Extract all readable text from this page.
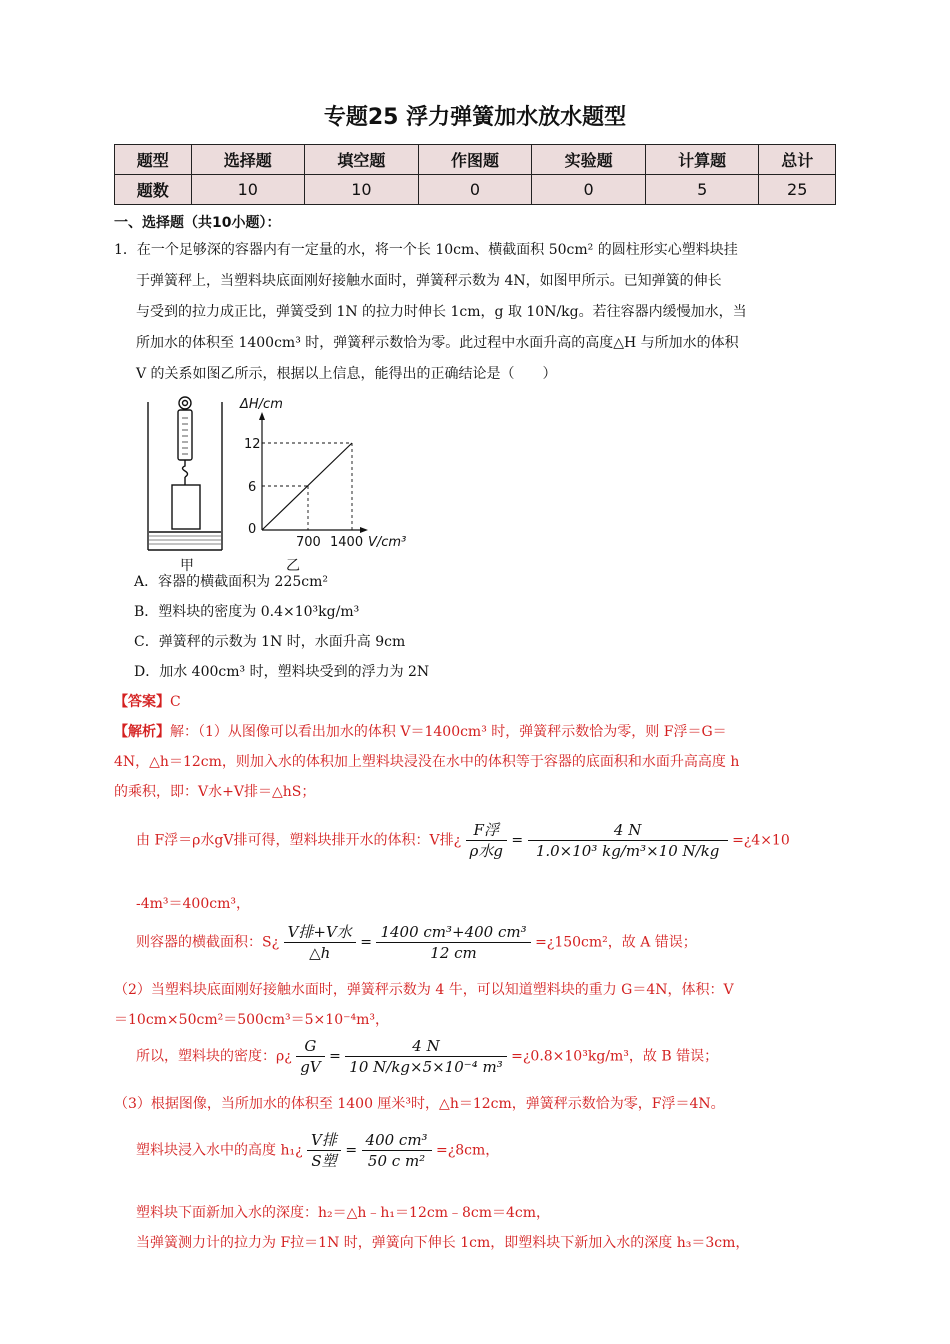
专题25 浮力弹簧加水放水题型
题型	选择题	填空题	作图题	实验题	计算题	总计
题数	10	10	0	0	5	25
一、选择题（共10小题）：
1．在一个足够深的容器内有一定量的水，将一个长 10cm、横截面积 50cm² 的圆柱形实心塑料块挂
于弹簧秤上，当塑料块底面刚好接触水面时，弹簧秤示数为 4N，如图甲所示。已知弹簧的伸长
与受到的拉力成正比，弹簧受到 1N 的拉力时伸长 1cm，g 取 10N/kg。若往容器内缓慢加水，当
所加水的体积至 1400cm³ 时，弹簧秤示数恰为零。此过程中水面升高的高度△H 与所加水的体积
V 的关系如图乙所示，根据以上信息，能得出的正确结论是（　　）
甲
ΔH/cm
12
6
0
700 1400 V/cm³
乙
A．容器的横截面积为 225cm²
B．塑料块的密度为 0.4×10³kg/m³
C．弹簧秤的示数为 1N 时，水面升高 9cm
D．加水 400cm³ 时，塑料块受到的浮力为 2N
【答案】C
【解析】解：（1）从图像可以看出加水的体积 V＝1400cm³ 时，弹簧秤示数恰为零，则 F浮＝G＝
4N，△h＝12cm，则加入水的体积加上塑料块浸没在水中的体积等于容器的底面积和水面升高高度 h
的乘积，即：V水+V排＝△hS；
由 F浮＝ρ水gV排可得，塑料块排开水的体积：V排¿ $\frac{\text{F浮}}{\text{ρ水g}} = \frac{4 N}{\text{1.0×10³ kg/m³×10 N/kg}}$ =¿4×10
-4m³＝400cm³，
则容器的横截面积：S¿ $\frac{\text{V排+V水}}{\triangle h} = \frac{\text{1400 cm³+400 cm³}}{12 cm}$ =¿150cm²，故 A 错误；
（2）当塑料块底面刚好接触水面时，弹簧秤示数为 4 牛，可以知道塑料块的重力 G＝4N，体积：V
＝10cm×50cm²＝500cm³＝5×10⁻⁴m³，
所以，塑料块的密度：ρ¿ $\frac{G}{gV} = \frac{4 N}{\text{10 N/kg×5×10⁻⁴ m³}}$ =¿0.8×10³kg/m³，故 B 错误；
（3）根据图像，当所加水的体积至 1400 厘米³时，△h＝12cm，弹簧秤示数恰为零，F浮＝4N。
塑料块浸入水中的高度 h₁¿ $\frac{\text{V排}}{\text{S塑}} = \frac{\text{400 cm³}}{\text{50 c m²}}$ =¿8cm，
塑料块下面新加入水的深度：h₂＝△h﹣h₁＝12cm﹣8cm＝4cm，
当弹簧测力计的拉力为 F拉＝1N 时，弹簧向下伸长 1cm，即塑料块下新加入水的深度 h₃＝3cm，
